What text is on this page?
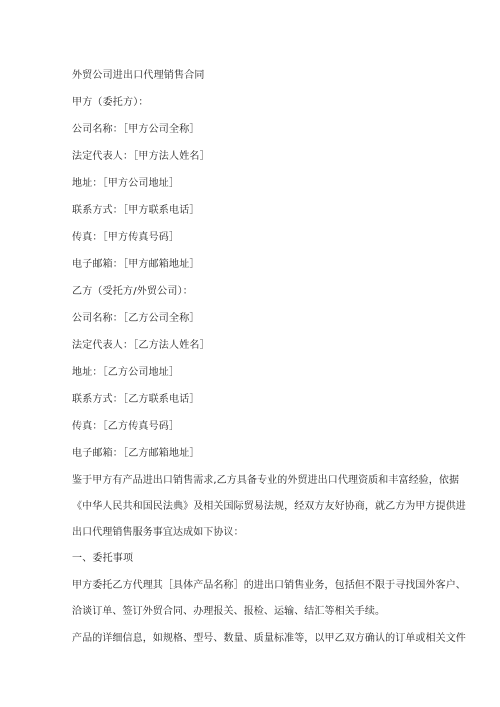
外贸公司进出口代理销售合同
甲方（委托方）：
公司名称：［甲方公司全称］
法定代表人：［甲方法人姓名］
地址：［甲方公司地址］
联系方式：［甲方联系电话］
传真：［甲方传真号码］
电子邮箱：［甲方邮箱地址］
乙方（受托方/外贸公司）：
公司名称：［乙方公司全称］
法定代表人：［乙方法人姓名］
地址：［乙方公司地址］
联系方式：［乙方联系电话］
传真：［乙方传真号码］
电子邮箱：［乙方邮箱地址］
鉴于甲方有产品进出口销售需求,乙方具备专业的外贸进出口代理资质和丰富经验，依据
《中华人民共和国民法典》及相关国际贸易法规，经双方友好协商，就乙方为甲方提供进
出口代理销售服务事宜达成如下协议：
一、委托事项
甲方委托乙方代理其［具体产品名称］的进出口销售业务，包括但不限于寻找国外客户、
洽谈订单、签订外贸合同、办理报关、报检、运输、结汇等相关手续。
产品的详细信息，如规格、型号、数量、质量标准等，以甲乙双方确认的订单或相关文件
